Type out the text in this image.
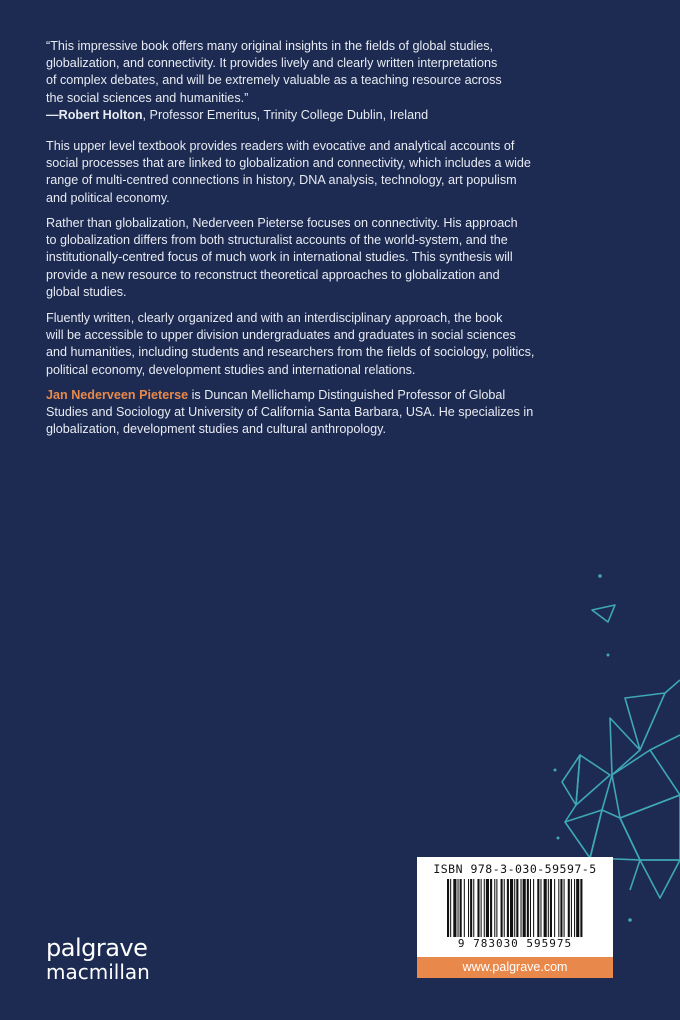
“This impressive book offers many original insights in the fields of global studies,

globalization, and connectivity. It provides lively and clearly written interpretations

of complex debates, and will be extremely valuable as a teaching resource across

the social sciences and humanities.”

—Robert Holton, Professor Emeritus, Trinity College Dublin, Ireland

This upper level textbook provides readers with evocative and analytical accounts of

social processes that are linked to globalization and connectivity, which includes a wide

range of multi-centred connections in history, DNA analysis, technology, art populism

and political economy.

Rather than globalization, Nederveen Pieterse focuses on connectivity. His approach

to globalization differs from both structuralist accounts of the world-system, and the

institutionally-centred focus of much work in international studies. This synthesis will

provide a new resource to reconstruct theoretical approaches to globalization and

global studies.

Fluently written, clearly organized and with an interdisciplinary approach, the book

will be accessible to upper division undergraduates and graduates in social sciences

and humanities, including students and researchers from the fields of sociology, politics,

political economy, development studies and international relations.

Jan Nederveen Pieterse is Duncan Mellichamp Distinguished Professor of Global

Studies and Sociology at University of California Santa Barbara, USA. He specializes in

globalization, development studies and cultural anthropology.

palgrave
macmillan
ISBN 978-3-030-59597-5
9 783030 595975
www.palgrave.com
